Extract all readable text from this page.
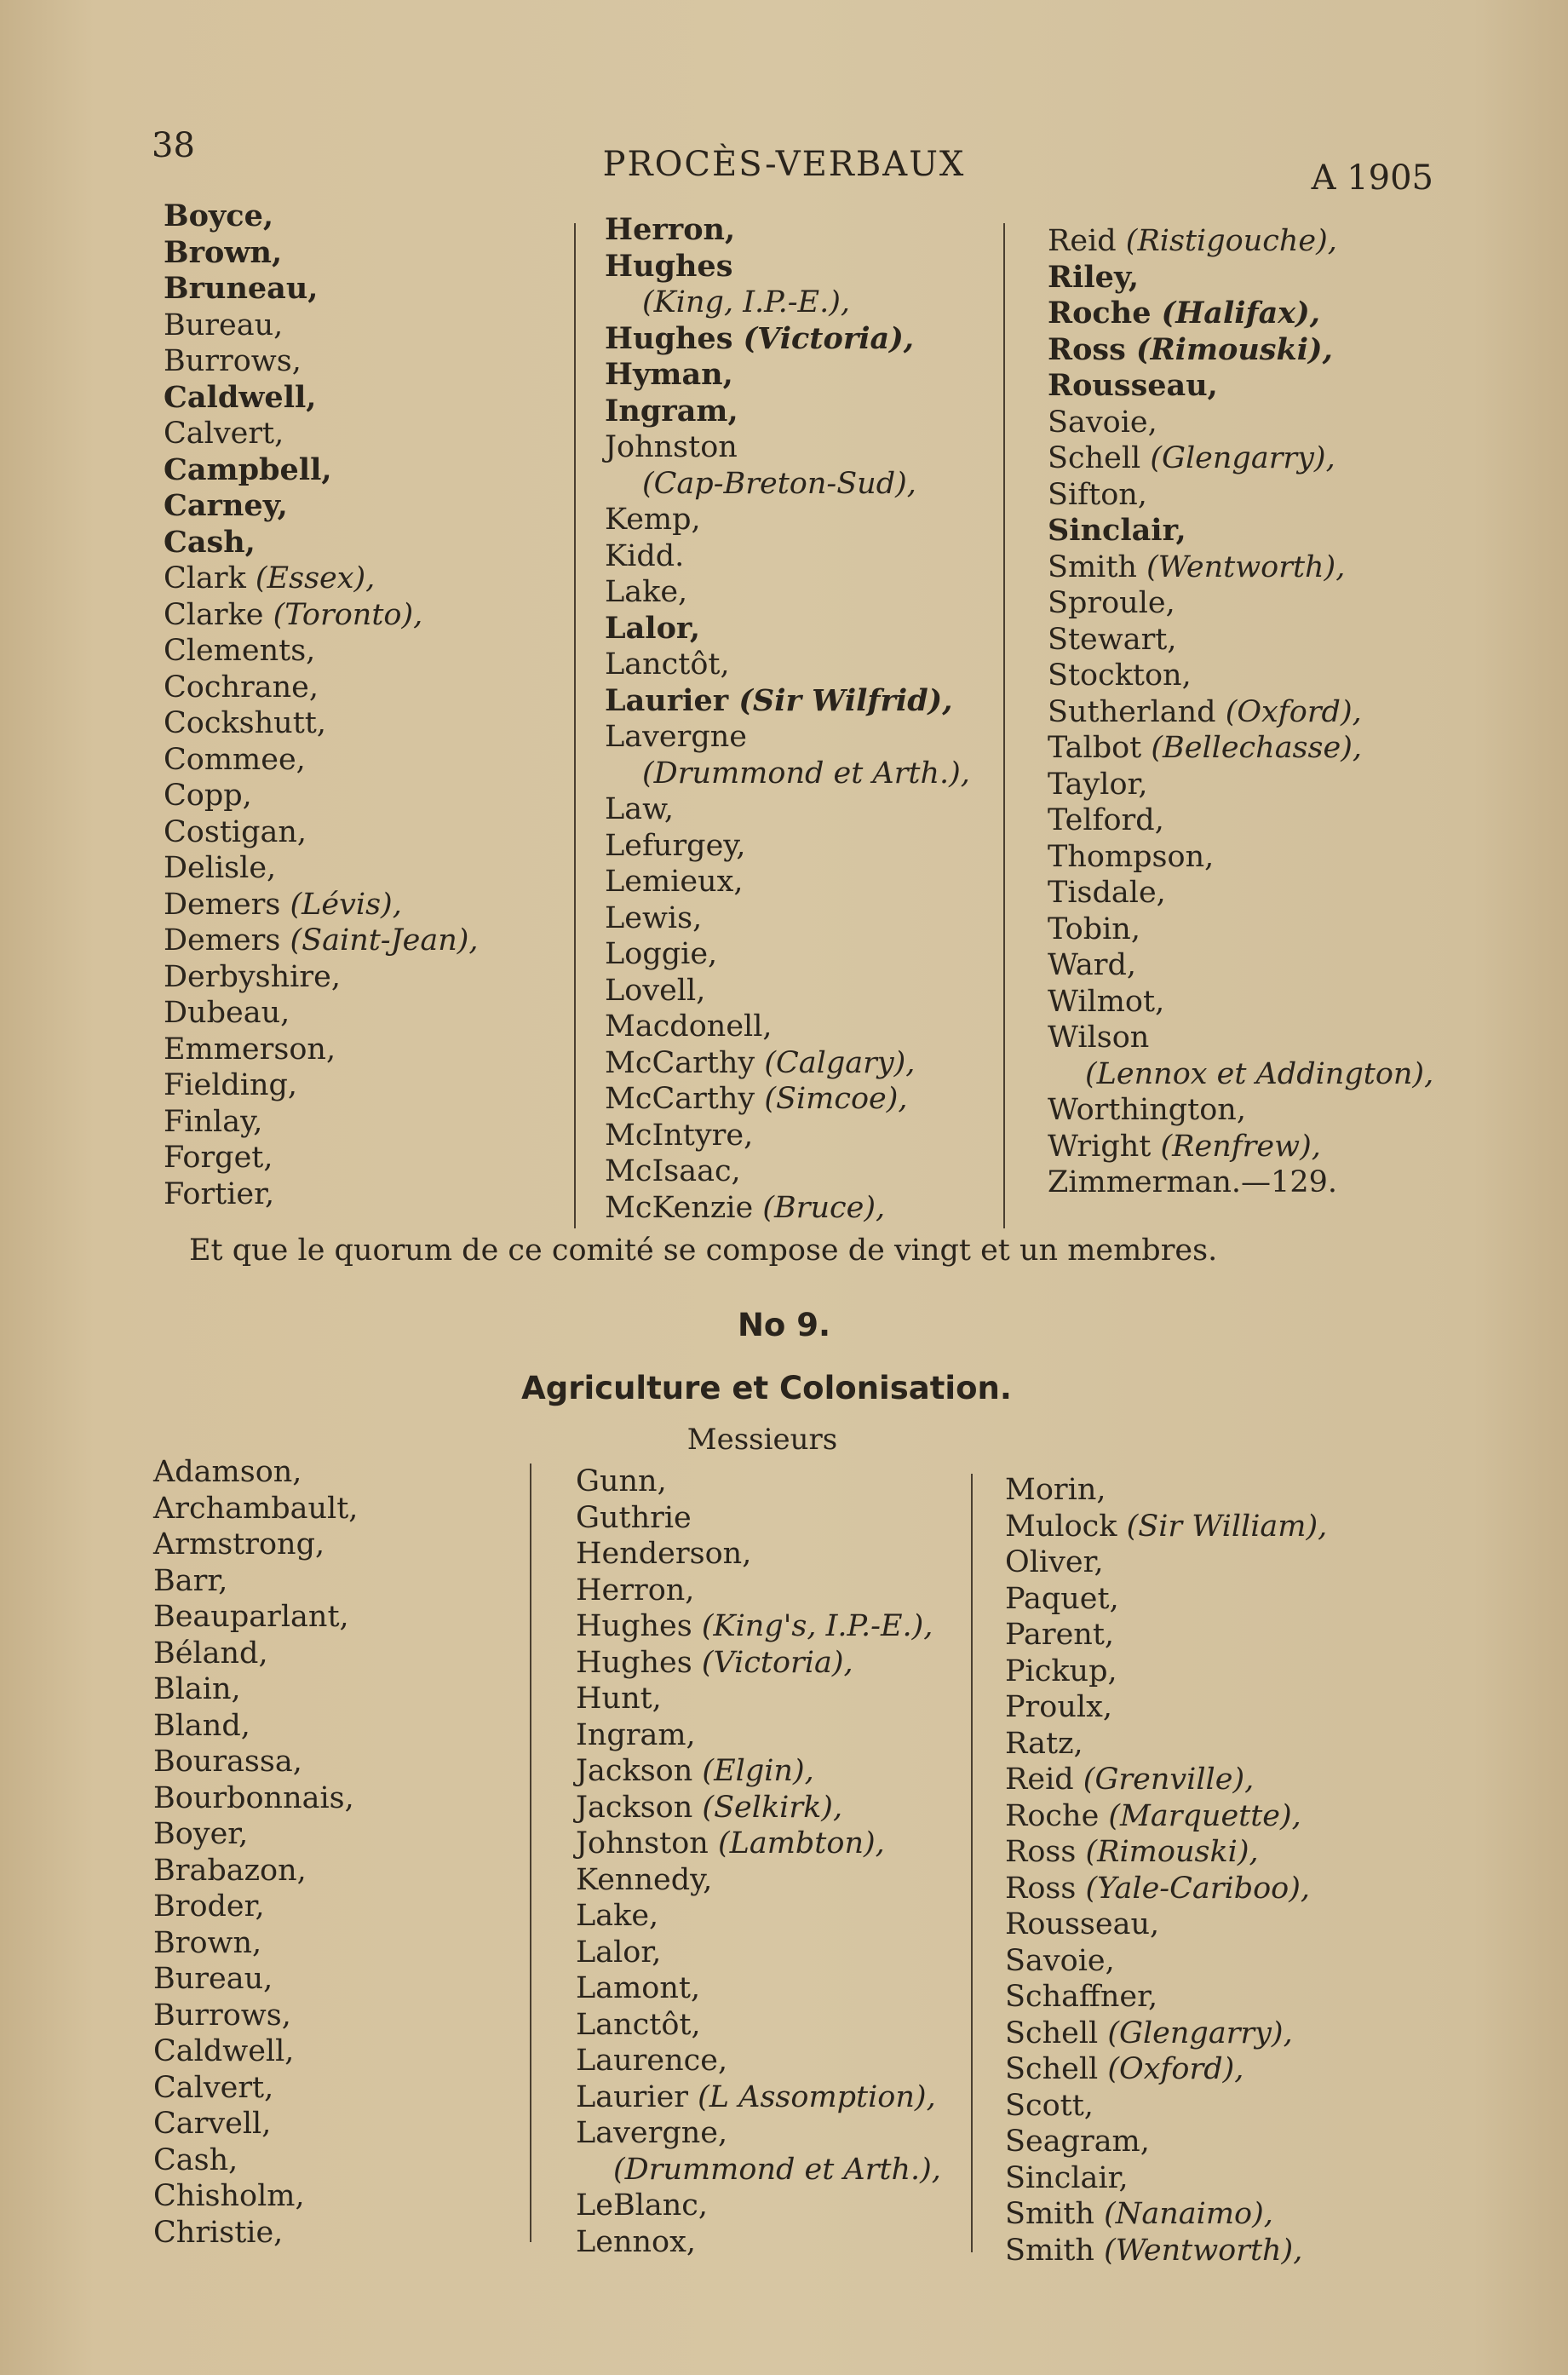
38	PROCÈS-VERBAUX	A 1905
Boyce,
Brown,
Bruneau,
Bureau,
Burrows,
Caldwell,
Calvert,
Campbell,
Carney,
Cash,
Clark (Essex),
Clarke (Toronto),
Clements,
Cochrane,
Cockshutt,
Commee,
Copp,
Costigan,
Delisle,
Demers (Lévis),
Demers (Saint-Jean),
Derbyshire,
Dubeau,
Emmerson,
Fielding,
Finlay,
Forget,
Fortier,
Herron,
Hughes
(King, I.P.-E.),
Hughes (Victoria),
Hyman,
Ingram,
Johnston
(Cap-Breton-Sud),
Kemp,
Kidd.
Lake,
Lalor,
Lanctôt,
Laurier (Sir Wilfrid),
Lavergne
(Drummond et Arth.),
Law,
Lefurgey,
Lemieux,
Lewis,
Loggie,
Lovell,
Macdonell,
McCarthy (Calgary),
McCarthy (Simcoe),
McIntyre,
McIsaac,
McKenzie (Bruce),
Reid (Ristigouche),
Riley,
Roche (Halifax),
Ross (Rimouski),
Rousseau,
Savoie,
Schell (Glengarry),
Sifton,
Sinclair,
Smith (Wentworth),
Sproule,
Stewart,
Stockton,
Sutherland (Oxford),
Talbot (Bellechasse),
Taylor,
Telford,
Thompson,
Tisdale,
Tobin,
Ward,
Wilmot,
Wilson
(Lennox et Addington),
Worthington,
Wright (Renfrew),
Zimmerman.—129.
Et que le quorum de ce comité se compose de vingt et un membres.
No 9.
Agriculture et Colonisation.
Messieurs
Adamson,
Archambault,
Armstrong,
Barr,
Beauparlant,
Béland,
Blain,
Bland,
Bourassa,
Bourbonnais,
Boyer,
Brabazon,
Broder,
Brown,
Bureau,
Burrows,
Caldwell,
Calvert,
Carvell,
Cash,
Chisholm,
Christie,
Gunn,
Guthrie
Henderson,
Herron,
Hughes (King's, I.P.-E.),
Hughes (Victoria),
Hunt,
Ingram,
Jackson (Elgin),
Jackson (Selkirk),
Johnston (Lambton),
Kennedy,
Lake,
Lalor,
Lamont,
Lanctôt,
Laurence,
Laurier (L Assomption),
Lavergne,
(Drummond et Arth.),
LeBlanc,
Lennox,
Morin,
Mulock (Sir William),
Oliver,
Paquet,
Parent,
Pickup,
Proulx,
Ratz,
Reid (Grenville),
Roche (Marquette),
Ross (Rimouski),
Ross (Yale-Cariboo),
Rousseau,
Savoie,
Schaffner,
Schell (Glengarry),
Schell (Oxford),
Scott,
Seagram,
Sinclair,
Smith (Nanaimo),
Smith (Wentworth),
